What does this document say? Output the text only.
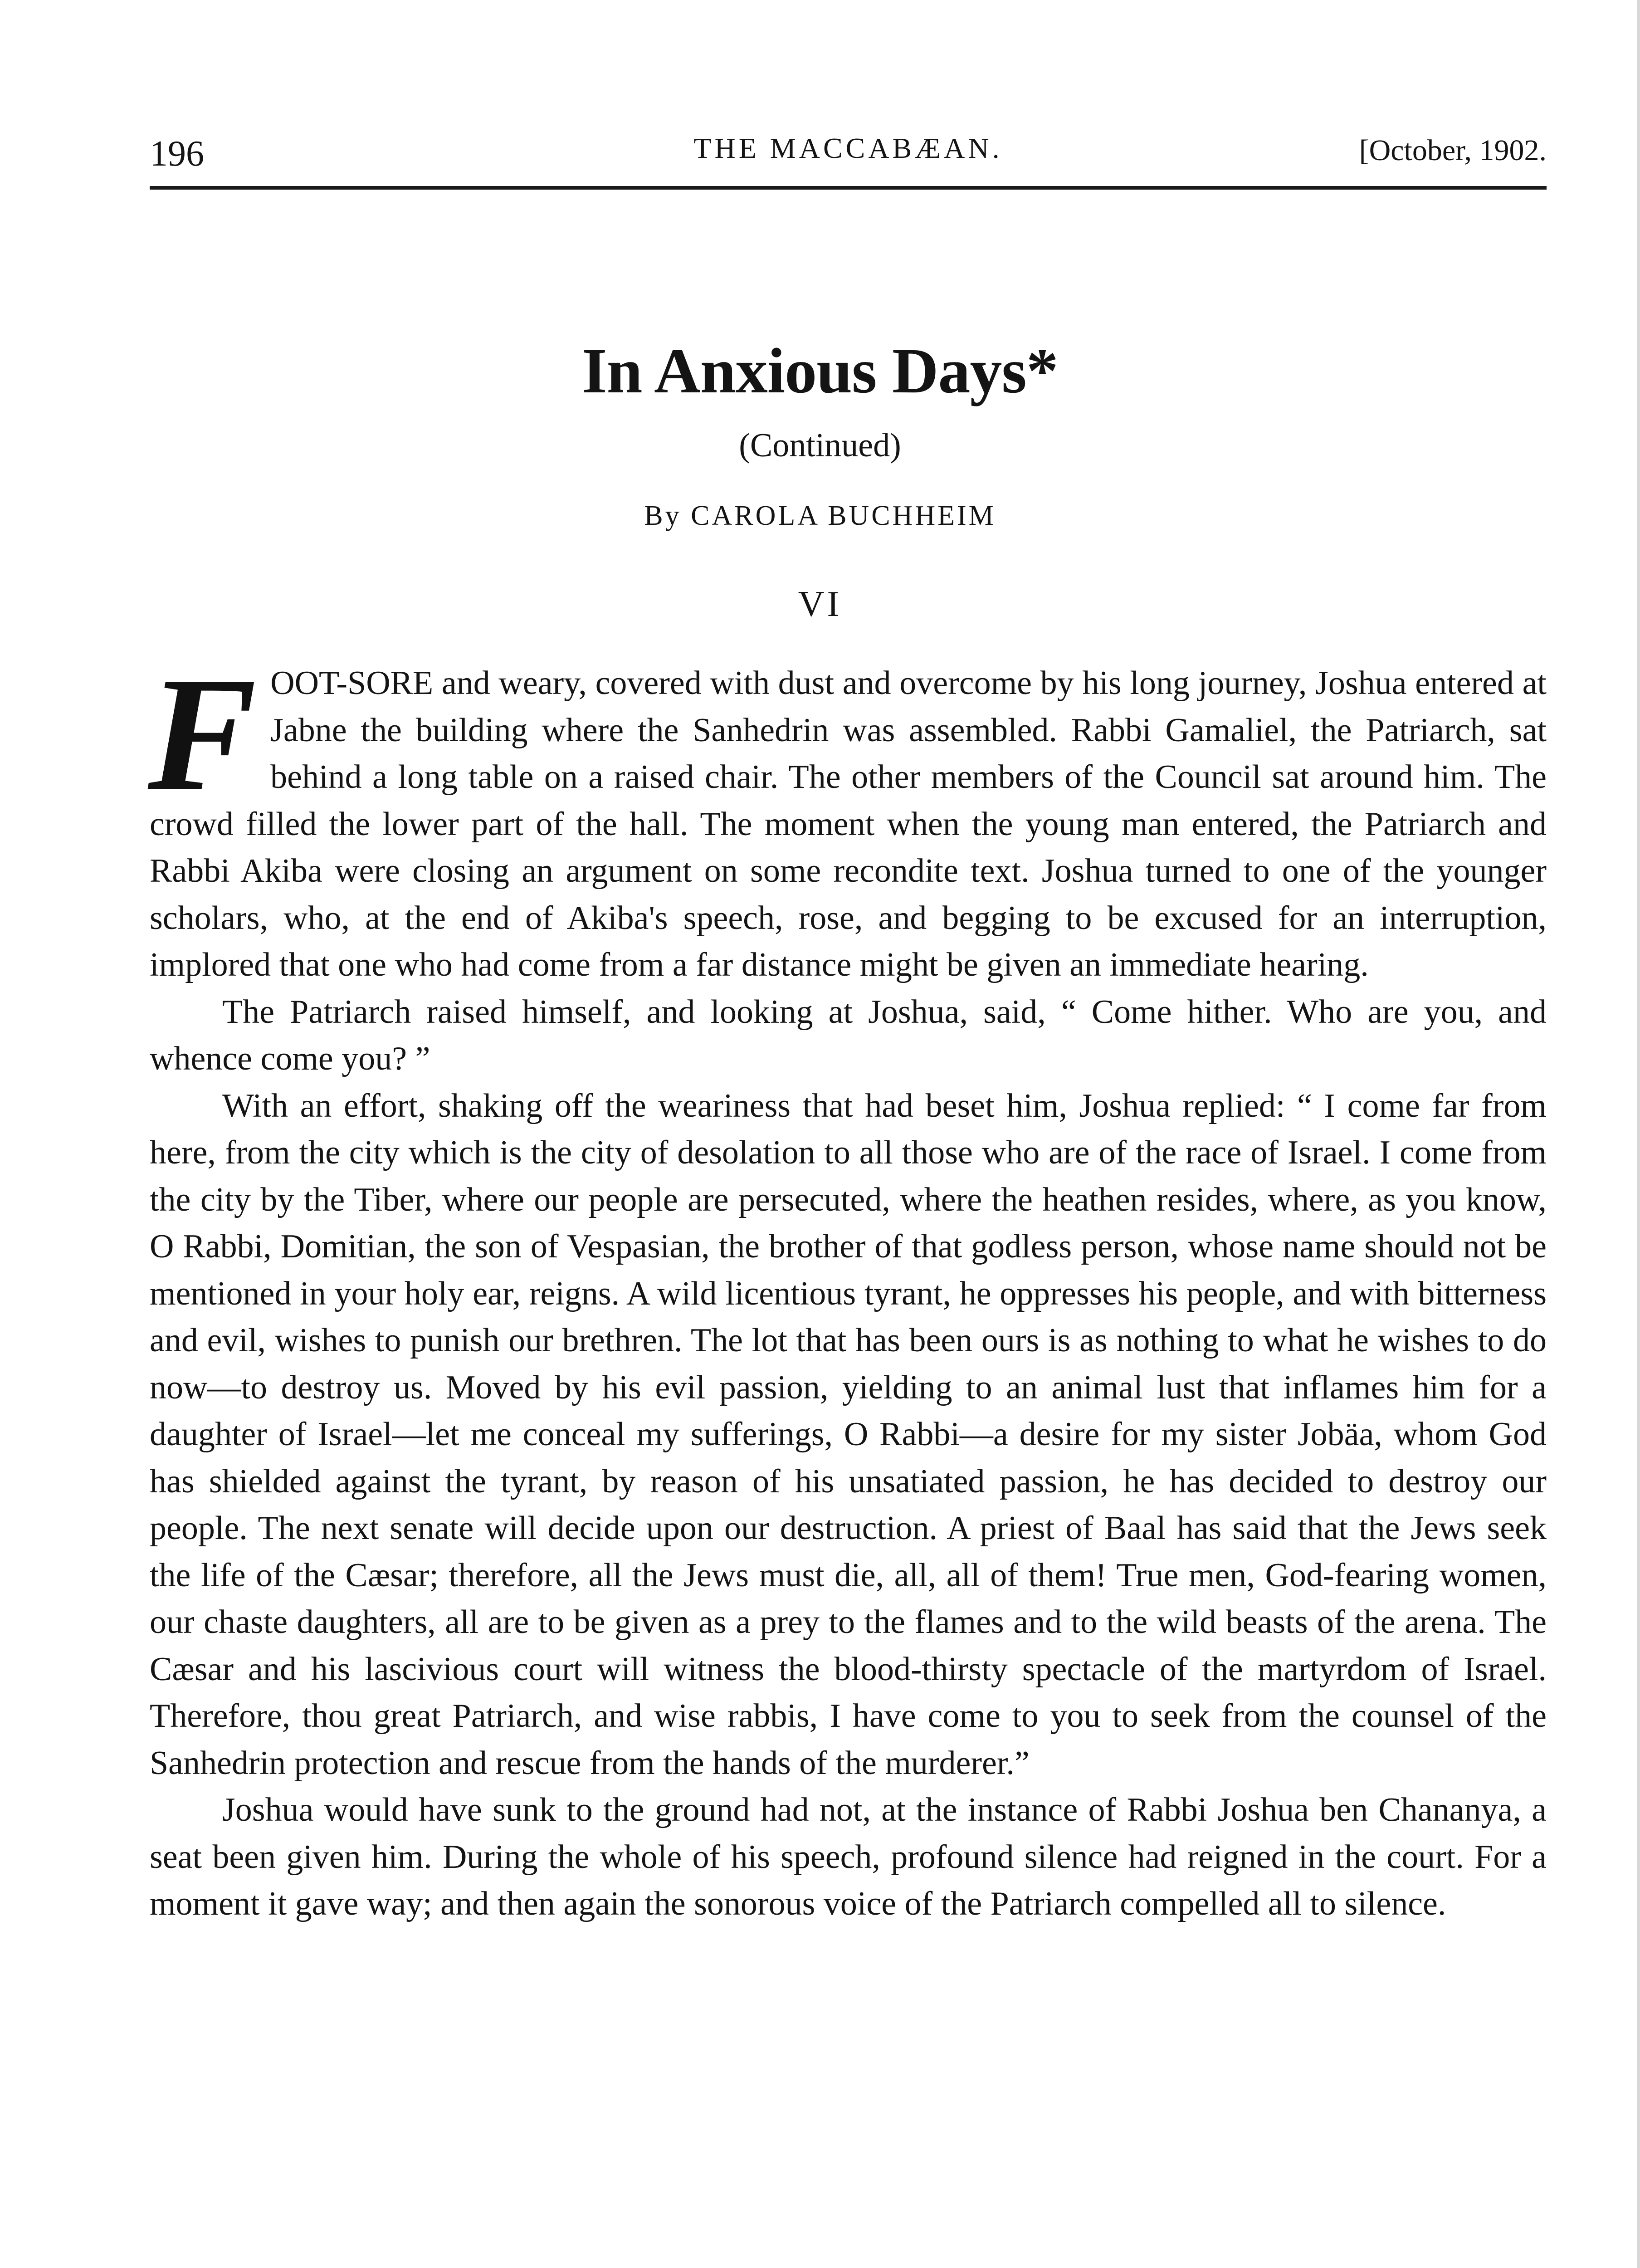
196	THE MACCABÆAN.	[October, 1902.
In Anxious Days*
(Continued)
By CAROLA BUCHHEIM
VI

FOOT-SORE and weary, covered with dust and overcome by his long journey, Joshua entered at Jabne the building where the Sanhedrin was assembled. Rabbi Gamaliel, the Patriarch, sat behind a long table on a raised chair. The other members of the Council sat around him. The crowd filled the lower part of the hall. The moment when the young man entered, the Patriarch and Rabbi Akiba were closing an argument on some recondite text. Joshua turned to one of the younger scholars, who, at the end of Akiba's speech, rose, and begging to be excused for an interruption, implored that one who had come from a far distance might be given an immediate hearing.

The Patriarch raised himself, and looking at Joshua, said, “ Come hither. Who are you, and whence come you? ”

With an effort, shaking off the weariness that had beset him, Joshua replied: “ I come far from here, from the city which is the city of desolation to all those who are of the race of Israel. I come from the city by the Tiber, where our people are persecuted, where the heathen resides, where, as you know, O Rabbi, Domitian, the son of Vespasian, the brother of that godless person, whose name should not be mentioned in your holy ear, reigns. A wild licentious tyrant, he oppresses his people, and with bitterness and evil, wishes to punish our brethren. The lot that has been ours is as nothing to what he wishes to do now—to destroy us. Moved by his evil passion, yielding to an animal lust that inflames him for a daughter of Israel—let me conceal my sufferings, O Rabbi—a desire for my sister Jobäa, whom God has shielded against the tyrant, by reason of his unsatiated passion, he has decided to destroy our people. The next senate will decide upon our destruction. A priest of Baal has said that the Jews seek the life of the Cæsar; therefore, all the Jews must die, all, all of them! True men, God-fearing women, our chaste daughters, all are to be given as a prey to the flames and to the wild beasts of the arena. The Cæsar and his lascivious court will witness the blood-thirsty spectacle of the martyrdom of Israel. Therefore, thou great Patriarch, and wise rabbis, I have come to you to seek from the counsel of the Sanhedrin protection and rescue from the hands of the murderer.”

Joshua would have sunk to the ground had not, at the instance of Rabbi Joshua ben Chananya, a seat been given him. During the whole of his speech, profound silence had reigned in the court. For a moment it gave way; and then again the sonorous voice of the Patriarch compelled all to silence.
